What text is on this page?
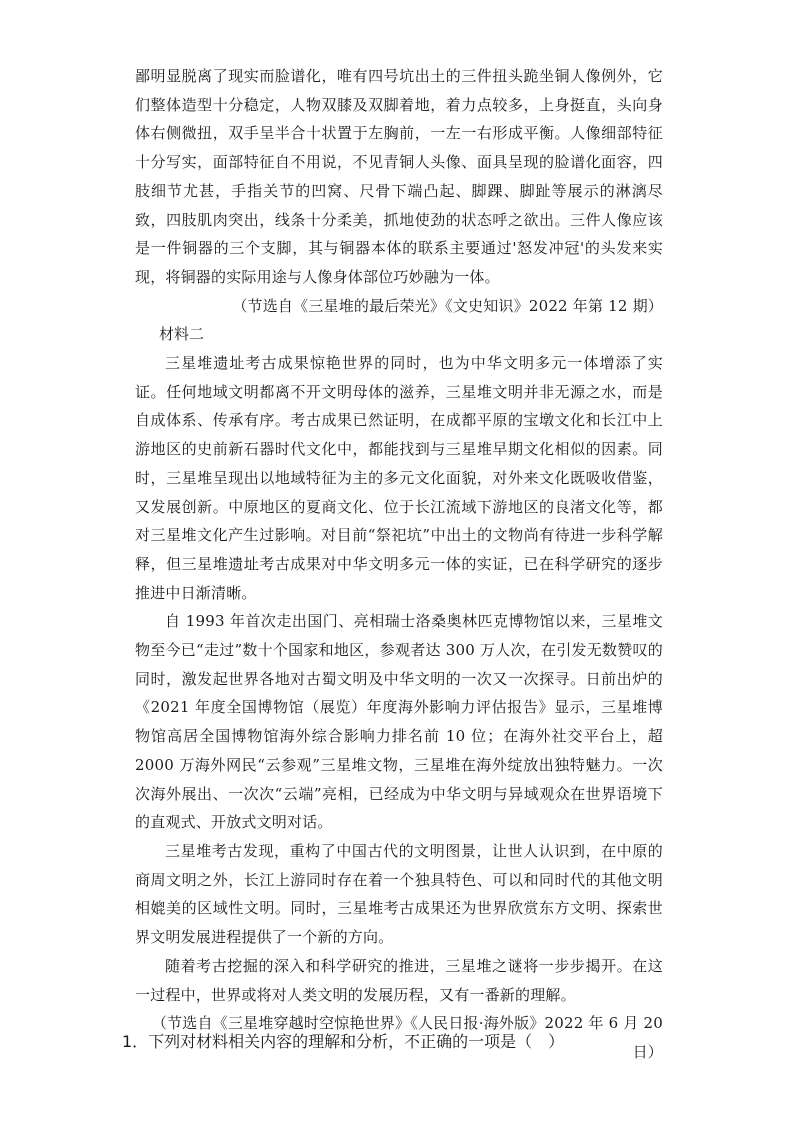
鄙明显脱离了现实而脸谱化，唯有四号坑出土的三件扭头跪坐铜人像例外，它们整体造型十分稳定，人物双膝及双脚着地，着力点较多，上身挺直，头向身体右侧微扭，双手呈半合十状置于左胸前，一左一右形成平衡。人像细部特征十分写实，面部特征自不用说，不见青铜人头像、面具呈现的脸谱化面容，四肢细节尤甚，手指关节的凹窝、尺骨下端凸起、脚踝、脚趾等展示的淋漓尽致，四肢肌肉突出，线条十分柔美，抓地使劲的状态呼之欲出。三件人像应该是一件铜器的三个支脚，其与铜器本体的联系主要通过'怒发冲冠'的头发来实现，将铜器的实际用途与人像身体部位巧妙融为一体。

（节选自《三星堆的最后荣光》《文史知识》2022 年第 12 期）

材料二

三星堆遗址考古成果惊艳世界的同时，也为中华文明多元一体增添了实证。任何地域文明都离不开文明母体的滋养，三星堆文明并非无源之水，而是自成体系、传承有序。考古成果已然证明，在成都平原的宝墩文化和长江中上游地区的史前新石器时代文化中，都能找到与三星堆早期文化相似的因素。同时，三星堆呈现出以地域特征为主的多元文化面貌，对外来文化既吸收借鉴，又发展创新。中原地区的夏商文化、位于长江流域下游地区的良渚文化等，都对三星堆文化产生过影响。对目前“祭祀坑”中出土的文物尚有待进一步科学解释，但三星堆遗址考古成果对中华文明多元一体的实证，已在科学研究的逐步推进中日渐清晰。

自 1993 年首次走出国门、亮相瑞士洛桑奥林匹克博物馆以来，三星堆文物至今已“走过”数十个国家和地区，参观者达 300 万人次，在引发无数赞叹的同时，激发起世界各地对古蜀文明及中华文明的一次又一次探寻。日前出炉的《2021 年度全国博物馆（展览）年度海外影响力评估报告》显示，三星堆博物馆高居全国博物馆海外综合影响力排名前 10 位；在海外社交平台上，超 2000 万海外网民“云参观”三星堆文物，三星堆在海外绽放出独特魅力。一次次海外展出、一次次“云端”亮相，已经成为中华文明与异域观众在世界语境下的直观式、开放式文明对话。

三星堆考古发现，重构了中国古代的文明图景，让世人认识到，在中原的商周文明之外，长江上游同时存在着一个独具特色、可以和同时代的其他文明相媲美的区域性文明。同时，三星堆考古成果还为世界欣赏东方文明、探索世界文明发展进程提供了一个新的方向。

随着考古挖掘的深入和科学研究的推进，三星堆之谜将一步步揭开。在这一过程中，世界或将对人类文明的发展历程，又有一番新的理解。

（节选自《三星堆穿越时空惊艳世界》《人民日报·海外版》2022 年 6 月 20 日）

1．下列对材料相关内容的理解和分析，不正确的一项是（　）
